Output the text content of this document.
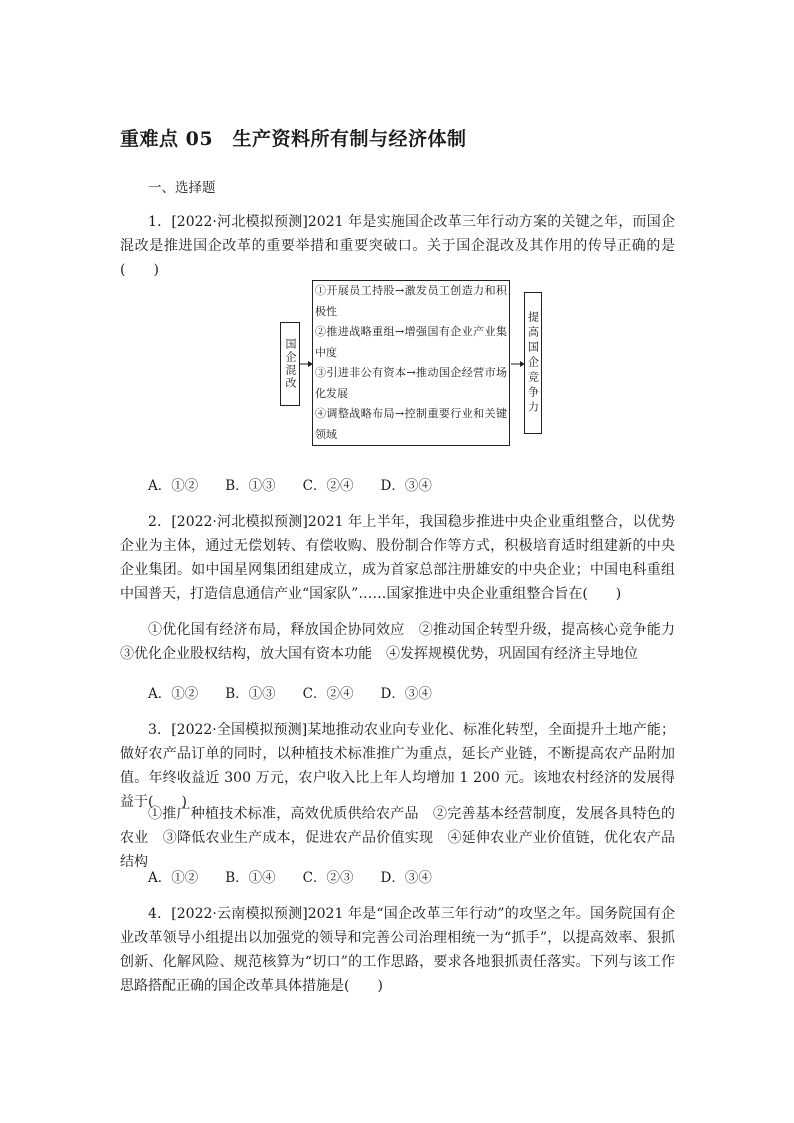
重难点 05　生产资料所有制与经济体制
一、选择题
1．[2022·河北模拟预测]2021 年是实施国企改革三年行动方案的关键之年，而国企混改是推进国企改革的重要举措和重要突破口。关于国企混改及其作用的传导正确的是(　　)
国企混改
①开展员工持股→激发员工创造力和积极性
②推进战略重组→增强国有企业产业集中度
③引进非公有资本→推动国企经营市场化发展
④调整战略布局→控制重要行业和关键领域
提高国企竞争力
A．①②　　B．①③　　C．②④　　D．③④
2．[2022·河北模拟预测]2021 年上半年，我国稳步推进中央企业重组整合，以优势企业为主体，通过无偿划转、有偿收购、股份制合作等方式，积极培育适时组建新的中央企业集团。如中国星网集团组建成立，成为首家总部注册雄安的中央企业；中国电科重组中国普天，打造信息通信产业“国家队”……国家推进中央企业重组整合旨在(　　)
①优化国有经济布局，释放国企协同效应　②推动国企转型升级，提高核心竞争能力　③优化企业股权结构，放大国有资本功能　④发挥规模优势，巩固国有经济主导地位
A．①②　　B．①③　　C．②④　　D．③④
3．[2022·全国模拟预测]某地推动农业向专业化、标准化转型，全面提升土地产能；做好农产品订单的同时，以种植技术标准推广为重点，延长产业链，不断提高农产品附加值。年终收益近 300 万元，农户收入比上年人均增加 1 200 元。该地农村经济的发展得益于(　　)
①推广种植技术标准，高效优质供给农产品　②完善基本经营制度，发展各具特色的农业　③降低农业生产成本，促进农产品价值实现　④延伸农业产业价值链，优化农产品结构
A．①②　　B．①④　　C．②③　　D．③④
4．[2022·云南模拟预测]2021 年是“国企改革三年行动”的攻坚之年。国务院国有企业改革领导小组提出以加强党的领导和完善公司治理相统一为“抓手”，以提高效率、狠抓创新、化解风险、规范核算为“切口”的工作思路，要求各地狠抓责任落实。下列与该工作思路搭配正确的国企改革具体措施是(　　)
